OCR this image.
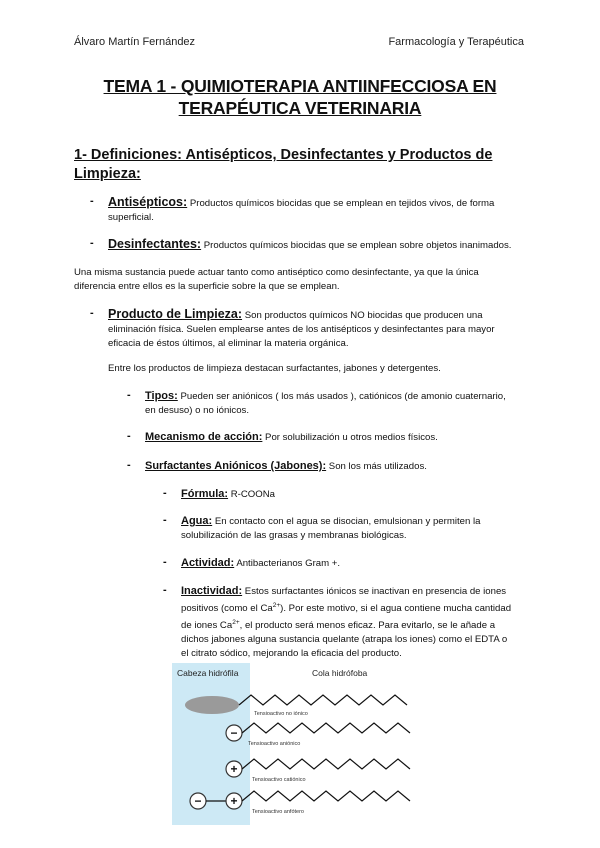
Álvaro Martín Fernández	Farmacología y Terapéutica
TEMA 1 - QUIMIOTERAPIA ANTIINFECCIOSA EN
TERAPÉUTICA VETERINARIA
1- Definiciones: Antisépticos, Desinfectantes y Productos de
Limpieza:
- Antisépticos: Productos químicos biocidas que se emplean en tejidos vivos, de forma
superficial.
- Desinfectantes: Productos químicos biocidas que se emplean sobre objetos inanimados.
Una misma sustancia puede actuar tanto como antiséptico como desinfectante, ya que la única
diferencia entre ellos es la superficie sobre la que se emplean.
- Producto de Limpieza: Son productos químicos NO biocidas que producen una
eliminación física. Suelen emplearse antes de los antisépticos y desinfectantes para mayor
eficacia de éstos últimos, al eliminar la materia orgánica.
Entre los productos de limpieza destacan surfactantes, jabones y detergentes.
- Tipos: Pueden ser aniónicos ( los más usados ), catiónicos (de amonio cuaternario,
en desuso) o no iónicos.
- Mecanismo de acción: Por solubilización u otros medios físicos.
- Surfactantes Aniónicos (Jabones): Son los más utilizados.
- Fórmula: R-COONa
- Agua: En contacto con el agua se disocian, emulsionan y permiten la
solubilización de las grasas y membranas biológicas.
- Actividad: Antibacterianos Gram +.
- Inactividad: Estos surfactantes iónicos se inactivan en presencia de iones
positivos (como el $Ca^{2+}$). Por este motivo, si el agua contiene mucha cantidad
de iones $Ca^{2+}$, el producto será menos eficaz. Para evitarlo, se le añade a
dichos jabones alguna sustancia quelante (atrapa los iones) como el EDTA o
el citrato sódico, mejorando la eficacia del producto.
Cabeza hidrófila	Cola hidrófoba
Tensioactivo no iónico
−
Tensioactivo aniónico
+
Tensioactivo catiónico
− +
Tensioactivo anfótero
